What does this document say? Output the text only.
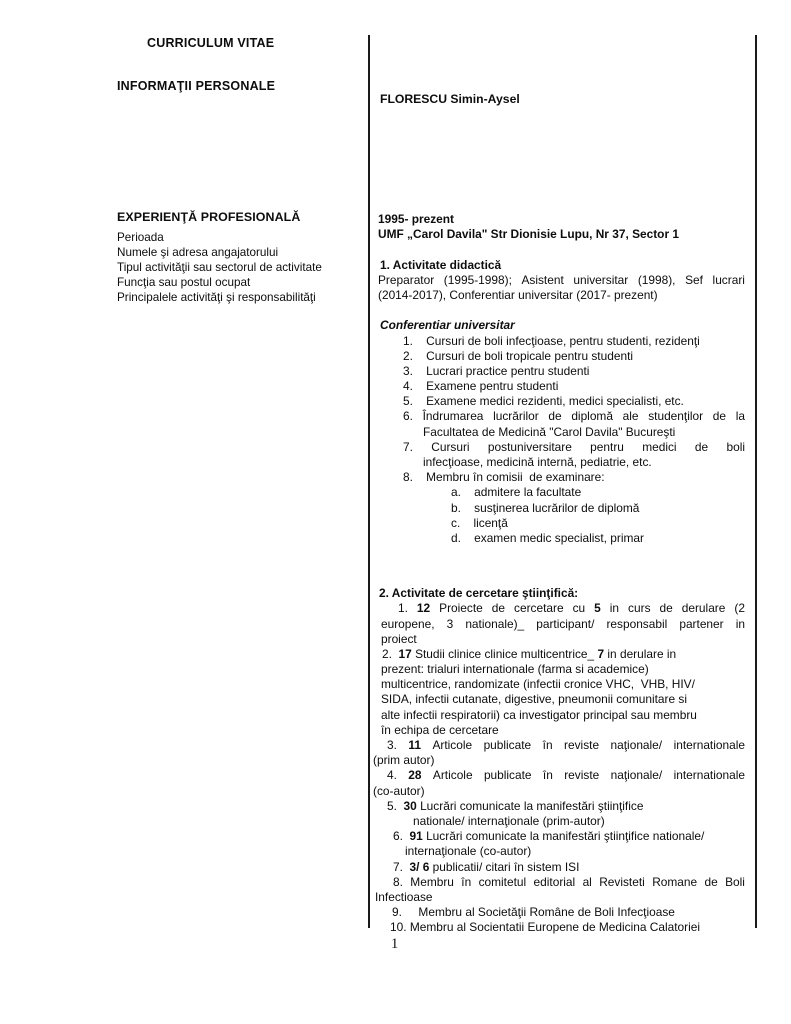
CURRICULUM VITAE
INFORMAŢII PERSONALE
FLORESCU Simin-Aysel
EXPERIENŢĂ PROFESIONALĂ
Perioada
Numele şi adresa angajatorului
Tipul activităţii sau sectorul de activitate
Funcţia sau postul ocupat
Principalele activităţi şi responsabilităţi
1995- prezent
UMF „Carol Davila" Str Dionisie Lupu, Nr 37, Sector 1

1. Activitate didactică
Preparator (1995-1998); Asistent universitar (1998), Sef lucrari
(2014-2017), Conferentiar universitar (2017- prezent)

Conferentiar universitar
1.    Cursuri de boli infecţioase, pentru studenti, rezidenţi
2.    Cursuri de boli tropicale pentru studenti
3.    Lucrari practice pentru studenti
4.    Examene pentru studenti
5.    Examene medici rezidenti, medici specialisti, etc.
6. Îndrumarea lucrărilor de diplomă ale studenţilor de la
Facultatea de Medicină "Carol Davila" Bucureşti
7. Cursuri postuniversitare pentru medici de boli
infecţioase, medicină internă, pediatrie, etc.
8.    Membru în comisii  de examinare:
a.    admitere la facultate
b.    susţinerea lucrărilor de diplomă
c.    licenţă
d.    examen medic specialist, primar
2. Activitate de cercetare ştiinţifică:
1. 12 Proiecte de cercetare cu 5 in curs de derulare (2
europene, 3 nationale)_ participant/ responsabil partener in
proiect
2.  17 Studii clinice clinice multicentrice_ 7 in derulare in
prezent: trialuri internationale (farma si academice)
multicentrice, randomizate (infectii cronice VHC,  VHB, HIV/
SIDA, infectii cutanate, digestive, pneumonii comunitare si
alte infectii respiratorii) ca investigator principal sau membru
în echipa de cercetare
3. 11 Articole publicate în reviste naţionale/ internationale
(prim autor)
4. 28 Articole publicate în reviste naţionale/ internationale
(co-autor)
5.  30 Lucrări comunicate la manifestări ştiinţifice
nationale/ internaţionale (prim-autor)
6.  91 Lucrări comunicate la manifestări ştiinţifice nationale/
internaţionale (co-autor)
7.  3/ 6 publicatii/ citari în sistem ISI
8. Membru în comitetul editorial al Revisteti Romane de Boli
Infectioase
9.     Membru al Societăţii Române de Boli Infecţioase
10. Membru al Socientatii Europene de Medicina Calatoriei
1
